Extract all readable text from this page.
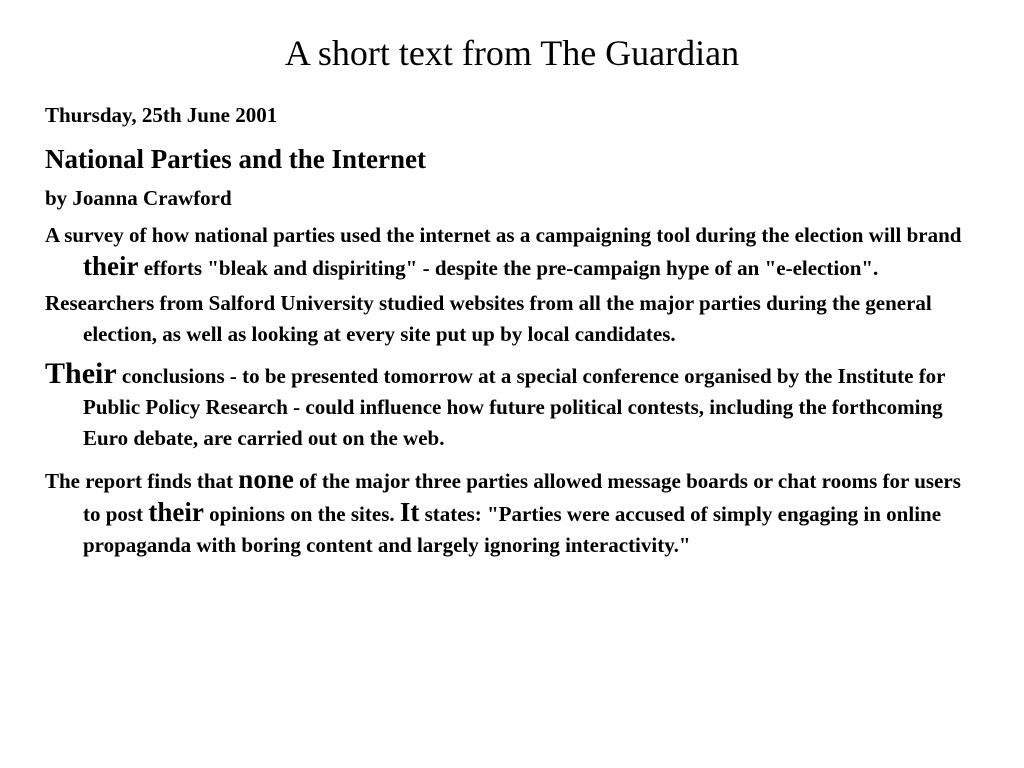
A short text from The Guardian

Thursday, 25th June 2001

National Parties and the Internet

by Joanna Crawford

A survey of how national parties used the internet as a campaigning tool during the election will brand their efforts "bleak and dispiriting" - despite the pre-campaign hype of an "e-election".

Researchers from Salford University studied websites from all the major parties during the general election, as well as looking at every site put up by local candidates.

Their conclusions - to be presented tomorrow at a special conference organised by the Institute for Public Policy Research - could influence how future political contests, including the forthcoming Euro debate, are carried out on the web.

The report finds that none of the major three parties allowed message boards or chat rooms for users to post their opinions on the sites. It states: "Parties were accused of simply engaging in online propaganda with boring content and largely ignoring interactivity."
